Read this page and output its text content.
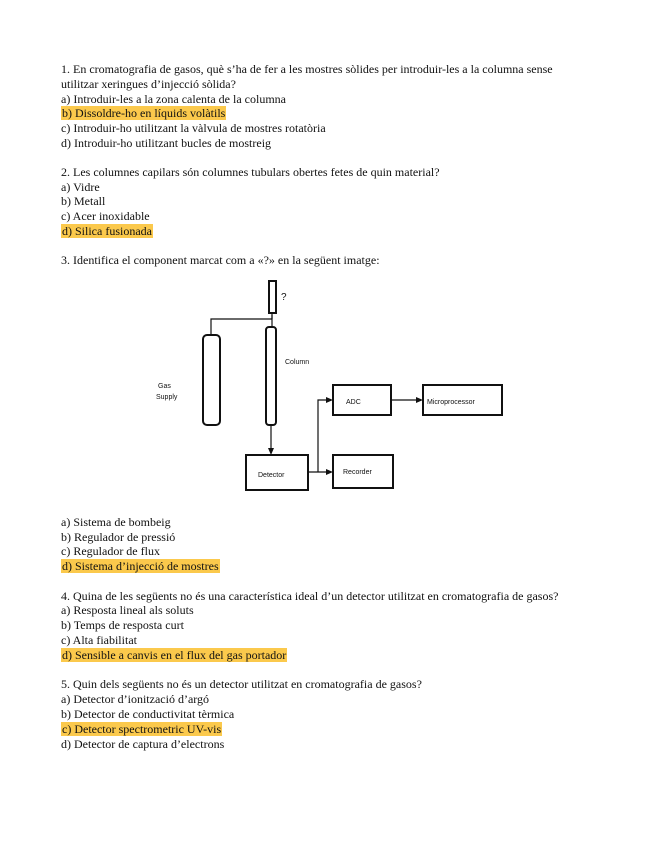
1. En cromatografia de gasos, què s’ha de fer a les mostres sòlides per introduir-les a la columna sense
utilitzar xeringues d’injecció sòlida?
a) Introduir-les a la zona calenta de la columna
b) Dissoldre-ho en líquids volàtils
c) Introduir-ho utilitzant la vàlvula de mostres rotatòria
d) Introduir-ho utilitzant bucles de mostreig
2. Les columnes capilars són columnes tubulars obertes fetes de quin material?
a) Vidre
b) Metall
c) Acer inoxidable
d) Silica fusionada
3. Identifica el component marcat com a «?» en la següent imatge:
?
Column
Gas
Supply
ADC	Microprocessor
Detector	Recorder
a) Sistema de bombeig
b) Regulador de pressió
c) Regulador de flux
d) Sistema d’injecció de mostres
4. Quina de les següents no és una característica ideal d’un detector utilitzat en cromatografia de gasos?
a) Resposta lineal als soluts
b) Temps de resposta curt
c) Alta fiabilitat
d) Sensible a canvis en el flux del gas portador
5. Quin dels següents no és un detector utilitzat en cromatografia de gasos?
a) Detector d’ionització d’argó
b) Detector de conductivitat tèrmica
c) Detector spectrometric UV-vis
d) Detector de captura d’electrons
